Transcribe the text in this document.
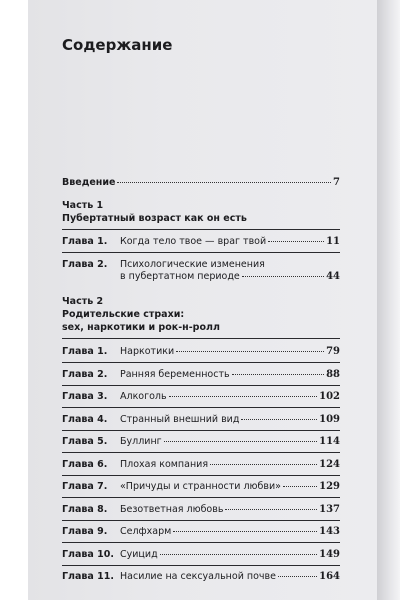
Содержание
Введение	7
Часть 1
Пубертатный возраст как он есть
Глава 1.	Когда тело твое — враг твой	11
Глава 2.	Психологические изменения
в пубертатном периоде	44
Часть 2
Родительские страхи:
sex, наркотики и рок-н-ролл
Глава 1.	Наркотики	79
Глава 2.	Ранняя беременность	88
Глава 3.	Алкоголь	102
Глава 4.	Странный внешний вид	109
Глава 5.	Буллинг	114
Глава 6.	Плохая компания	124
Глава 7.	«Причуды и странности любви»	129
Глава 8.	Безответная любовь	137
Глава 9.	Селфхарм	143
Глава 10. Суицид	149
Глава 11. Насилие на сексуальной почве	164
